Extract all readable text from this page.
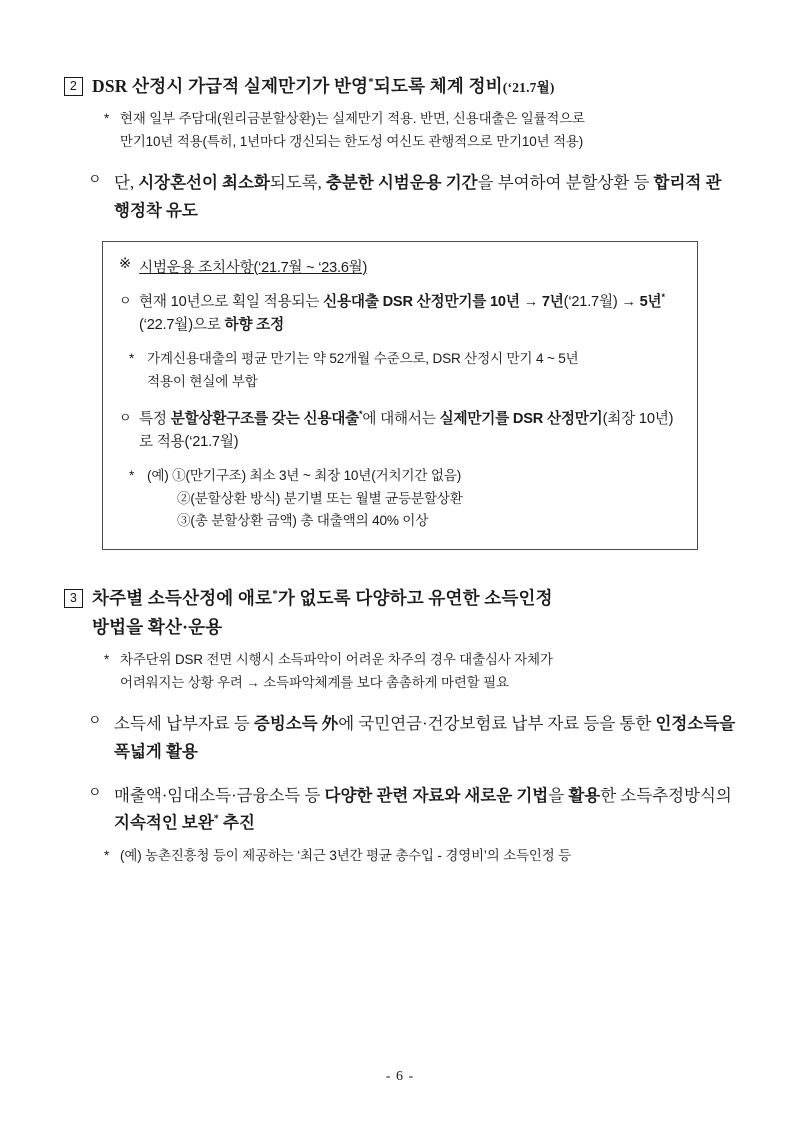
2 DSR 산정시 가급적 실제만기가 반영*되도록 체계 정비(‘21.7월)
* 현재 일부 주담대(원리금분할상환)는 실제만기 적용. 반면, 신용대출은 일률적으로
만기10년 적용(특히, 1년마다 갱신되는 한도성 여신도 관행적으로 만기10년 적용)
ㅇ 단, 시장혼선이 최소화되도록, 충분한 시범운용 기간을 부여하여 분할상환 등 합리적 관행정착 유도
※ 시범운용 조치사항(‘21.7월 ~ ‘23.6월)
ㅇ 현재 10년으로 획일 적용되는 신용대출 DSR 산정만기를 10년 → 7년(‘21.7월) → 5년*(‘22.7월)으로 하향 조정
* 가계신용대출의 평균 만기는 약 52개월 수준으로, DSR 산정시 만기 4 ~ 5년
적용이 현실에 부합
ㅇ 특정 분할상환구조를 갖는 신용대출*에 대해서는 실제만기를 DSR 산정만기(최장 10년)로 적용(‘21.7월)
* (예) ①(만기구조) 최소 3년 ~ 최장 10년(거치기간 없음)
②(분할상환 방식) 분기별 또는 월별 균등분할상환
③(총 분할상환 금액) 총 대출액의 40% 이상
3 차주별 소득산정에 애로*가 없도록 다양하고 유연한 소득인정
방법을 확산·운용
* 차주단위 DSR 전면 시행시 소득파악이 어려운 차주의 경우 대출심사 자체가
어려워지는 상황 우려 → 소득파악체계를 보다 촘촘하게 마련할 필요
ㅇ 소득세 납부자료 등 증빙소득 外에 국민연금·건강보험료 납부 자료 등을 통한 인정소득을 폭넓게 활용
ㅇ 매출액·임대소득·금융소득 등 다양한 관련 자료와 새로운 기법을 활용한 소득추정방식의 지속적인 보완* 추진
* (예) 농촌진흥청 등이 제공하는 ‘최근 3년간 평균 총수입 - 경영비’의 소득인정 등
- 6 -
